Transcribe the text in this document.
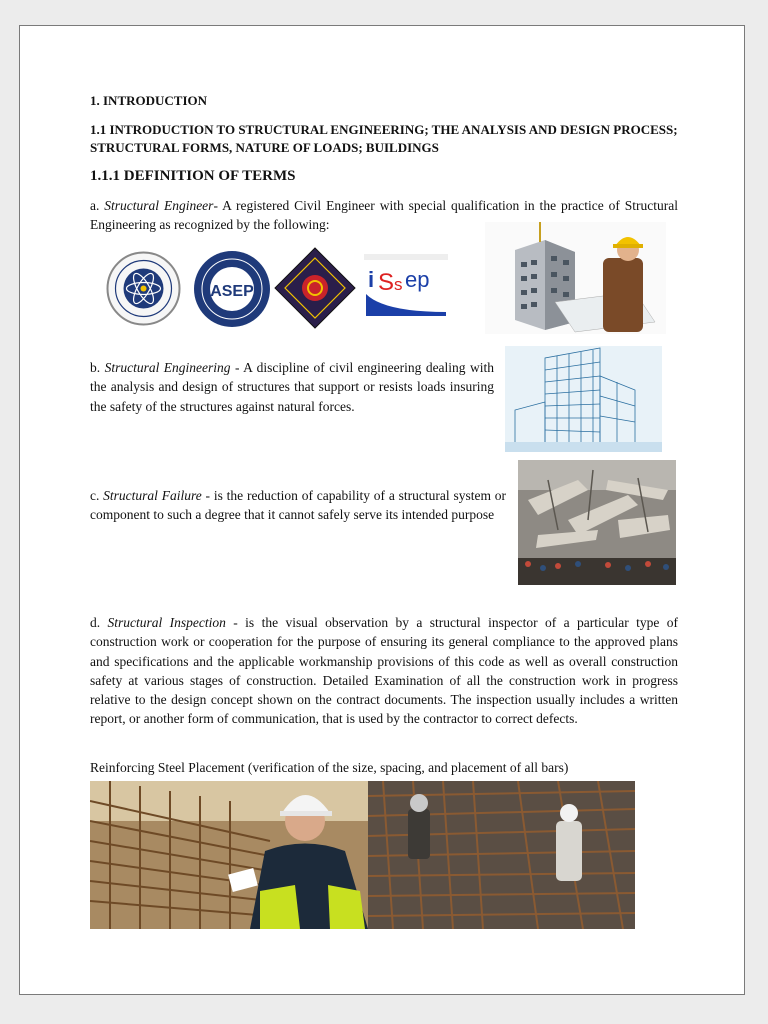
1. INTRODUCTION
1.1 INTRODUCTION TO STRUCTURAL ENGINEERING; THE ANALYSIS AND DESIGN PROCESS; STRUCTURAL FORMS, NATURE OF LOADS; BUILDINGS
1.1.1 DEFINITION OF TERMS
a. Structural Engineer- A registered Civil Engineer with special qualification in the practice of Structural Engineering as recognized by the following:
ASEP	i S s ep
b. Structural Engineering - A discipline of civil engineering dealing with the analysis and design of structures that support or resists loads insuring the safety of the structures against natural forces.
c. Structural Failure - is the reduction of capability of a structural system or component to such a degree that it cannot safely serve its intended purpose
d. Structural Inspection - is the visual observation by a structural inspector of a particular type of construction work or cooperation for the purpose of ensuring its general compliance to the approved plans and specifications and the applicable workmanship provisions of this code as well as overall construction safety at various stages of construction. Detailed Examination of all the construction work in progress relative to the design concept shown on the contract documents. The inspection usually includes a written report, or another form of communication, that is used by the contractor to correct defects.
Reinforcing Steel Placement (verification of the size, spacing, and placement of all bars)
